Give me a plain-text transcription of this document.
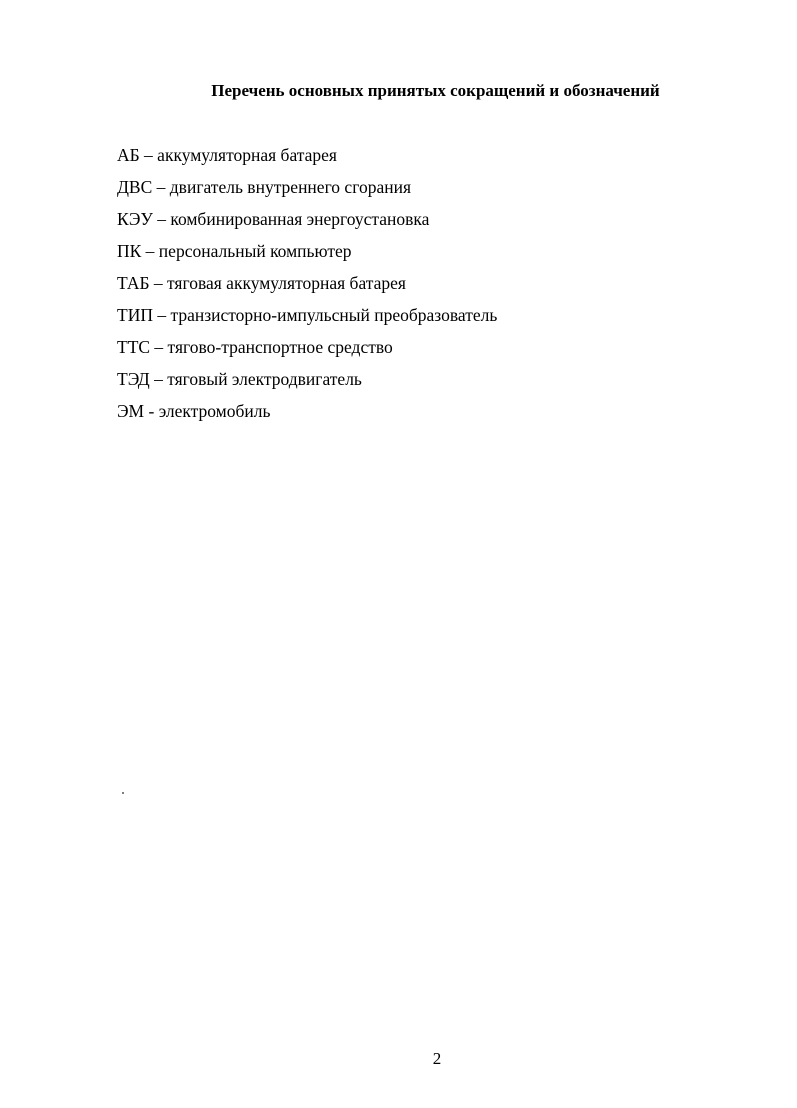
Перечень основных принятых сокращений и обозначений
АБ – аккумуляторная батарея
ДВС – двигатель внутреннего сгорания
КЭУ – комбинированная энергоустановка
ПК – персональный компьютер
ТАБ – тяговая аккумуляторная батарея
ТИП – транзисторно-импульсный преобразователь
ТТС – тягово-транспортное средство
ТЭД – тяговый электродвигатель
ЭМ - электромобиль
2
